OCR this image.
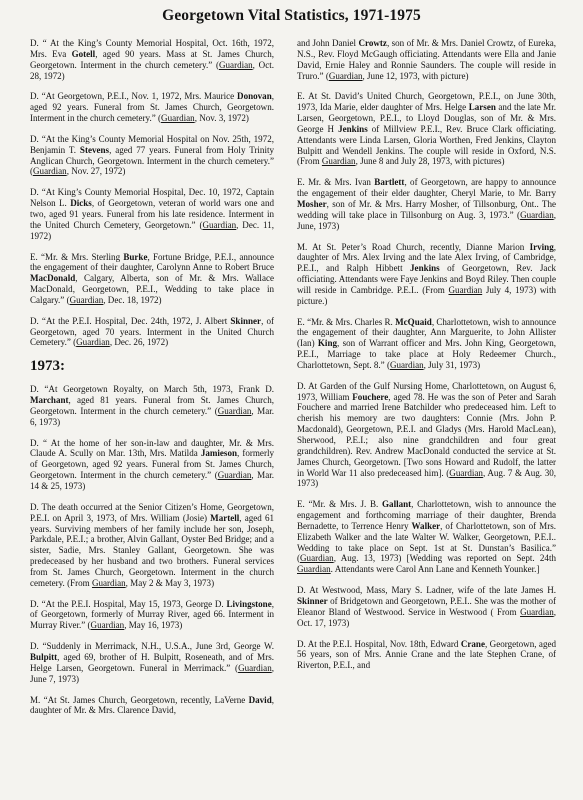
Georgetown Vital Statistics, 1971-1975
D. “ At the King’s County Memorial Hospital, Oct. 16th, 1972, Mrs. Eva Gotell, aged 90 years. Mass at St. James Church, Georgetown. Interment in the church cemetery.” (Guardian, Oct. 28, 1972)
D. “At Georgetown, P.E.I., Nov. 1, 1972, Mrs. Maurice Donovan, aged 92 years. Funeral from St. James Church, Georgetown. Interment in the church cemetery.” (Guardian, Nov. 3, 1972)
D. “At the King’s County Memorial Hospital on Nov. 25th, 1972, Benjamin T. Stevens, aged 77 years. Funeral from Holy Trinity Anglican Church, Georgetown. Interment in the church cemetery.” (Guardian, Nov. 27, 1972)
D. “At King’s County Memorial Hospital, Dec. 10, 1972, Captain Nelson L. Dicks, of Georgetown, veteran of world wars one and two, aged 91 years. Funeral from his late residence. Interment in the United Church Cemetery, Georgetown.” (Guardian, Dec. 11, 1972)
E. “Mr. & Mrs. Sterling Burke, Fortune Bridge, P.E.I., announce the engagement of their daughter, Carolynn Anne to Robert Bruce MacDonald, Calgary, Alberta, son of Mr. & Mrs. Wallace MacDonald, Georgetown, P.E.I., Wedding to take place in Calgary.” (Guardian, Dec. 18, 1972)
D. “At the P.E.I. Hospital, Dec. 24th, 1972, J. Albert Skinner, of Georgetown, aged 70 years. Interment in the United Church Cemetery.” (Guardian, Dec. 26, 1972)
1973:
D. “At Georgetown Royalty, on March 5th, 1973, Frank D. Marchant, aged 81 years. Funeral from St. James Church, Georgetown. Interment in the church cemetery.” (Guardian, Mar. 6, 1973)
D. “ At the home of her son-in-law and daughter, Mr. & Mrs. Claude A. Scully on Mar. 13th, Mrs. Matilda Jamieson, formerly of Georgetown, aged 92 years. Funeral from St. James Church, Georgetown. Interment in the church cemetery.” (Guardian, Mar. 14 & 25, 1973)
D. The death occurred at the Senior Citizen’s Home, Georgetown, P.E.I. on April 3, 1973, of Mrs. William (Josie) Martell, aged 61 years. Surviving members of her family include her son, Joseph, Parkdale, P.E.I.; a brother, Alvin Gallant, Oyster Bed Bridge; and a sister, Sadie, Mrs. Stanley Gallant, Georgetown. She was predeceased by her husband and two brothers. Funeral services from St. James Church, Georgetown. Interment in the church cemetery. (From Guardian, May 2 & May 3, 1973)
D. “At the P.E.I. Hospital, May 15, 1973, George D. Livingstone, of Georgetown, formerly of Murray River, aged 66. Interment in Murray River.” (Guardian, May 16, 1973)
D. “Suddenly in Merrimack, N.H., U.S.A., June 3rd, George W. Bulpitt, aged 69, brother of H. Bulpitt, Roseneath, and of Mrs. Helge Larsen, Georgetown. Funeral in Merrimack.” (Guardian, June 7, 1973)
M. “At St. James Church, Georgetown, recently, LaVerne David, daughter of Mr. & Mrs. Clarence David,
and John Daniel Crowtz, son of Mr. & Mrs. Daniel Crowtz, of Eureka, N.S., Rev. Floyd McGaugh officiating. Attendants were Ella and Janie David, Ernie Haley and Ronnie Saunders. The couple will reside in Truro.” (Guardian, June 12, 1973, with picture)
E. At St. David’s United Church, Georgetown, P.E.I., on June 30th, 1973, Ida Marie, elder daughter of Mrs. Helge Larsen and the late Mr. Larsen, Georgetown, P.E.I., to Lloyd Douglas, son of Mr. & Mrs. George H Jenkins of Millview P.E.I., Rev. Bruce Clark officiating. Attendants were Linda Larsen, Gloria Worthen, Fred Jenkins, Clayton Bulpitt and Wendell Jenkins. The couple will reside in Oxford, N.S. (From Guardian, June 8 and July 28, 1973, with pictures)
E. Mr. & Mrs. Ivan Bartlett, of Georgetown, are happy to announce the engagement of their elder daughter, Cheryl Marie, to Mr. Barry Mosher, son of Mr. & Mrs. Harry Mosher, of Tillsonburg, Ont.. The wedding will take place in Tillsonburg on Aug. 3, 1973.” (Guardian, June, 1973)
M. At St. Peter’s Road Church, recently, Dianne Marion Irving, daughter of Mrs. Alex Irving and the late Alex Irving, of Cambridge, P.E.I., and Ralph Hibbett Jenkins of Georgetown, Rev. Jack officiating. Attendants were Faye Jenkins and Boyd Riley. Then couple will reside in Cambridge. P.E.I.. (From Guardian July 4, 1973) with picture.)
E. “Mr. & Mrs. Charles R. McQuaid, Charlottetown, wish to announce the engagement of their daughter, Ann Marguerite, to John Allister (Ian) King, son of Warrant officer and Mrs. John King, Georgetown, P.E.I., Marriage to take place at Holy Redeemer Church., Charlottetown, Sept. 8.” (Guardian, July 31, 1973)
D. At Garden of the Gulf Nursing Home, Charlottetown, on August 6, 1973, William Fouchere, aged 78. He was the son of Peter and Sarah Fouchere and married Irene Batchilder who predeceased him. Left to cherish his memory are two daughters: Connie (Mrs. John P. Macdonald), Georgetown, P.E.I. and Gladys (Mrs. Harold MacLean), Sherwood, P.E.I.; also nine grandchildren and four great grandchildren). Rev. Andrew MacDonald conducted the service at St. James Church, Georgetown. [Two sons Howard and Rudolf, the latter in World War 11 also predeceased him]. (Guardian, Aug. 7 & Aug. 30, 1973)
E. “Mr. & Mrs. J. B. Gallant, Charlottetown, wish to announce the engagement and forthcoming marriage of their daughter, Brenda Bernadette, to Terrence Henry Walker, of Charlottetown, son of Mrs. Elizabeth Walker and the late Walter W. Walker, Georgetown, P.E.I.. Wedding to take place on Sept. 1st at St. Dunstan’s Basilica.” (Guardian, Aug. 13, 1973) [Wedding was reported on Sept. 24th Guardian. Attendants were Carol Ann Lane and Kenneth Younker.]
D. At Westwood, Mass, Mary S. Ladner, wife of the late James H. Skinner of Bridgetown and Georgetown, P.E.I.. She was the mother of Eleanor Bland of Westwood. Service in Westwood ( From Guardian, Oct. 17, 1973)
D. At the P.E.I. Hospital, Nov. 18th, Edward Crane, Georgetown, aged 56 years, son of Mrs. Annie Crane and the late Stephen Crane, of Riverton, P.E.I., and
